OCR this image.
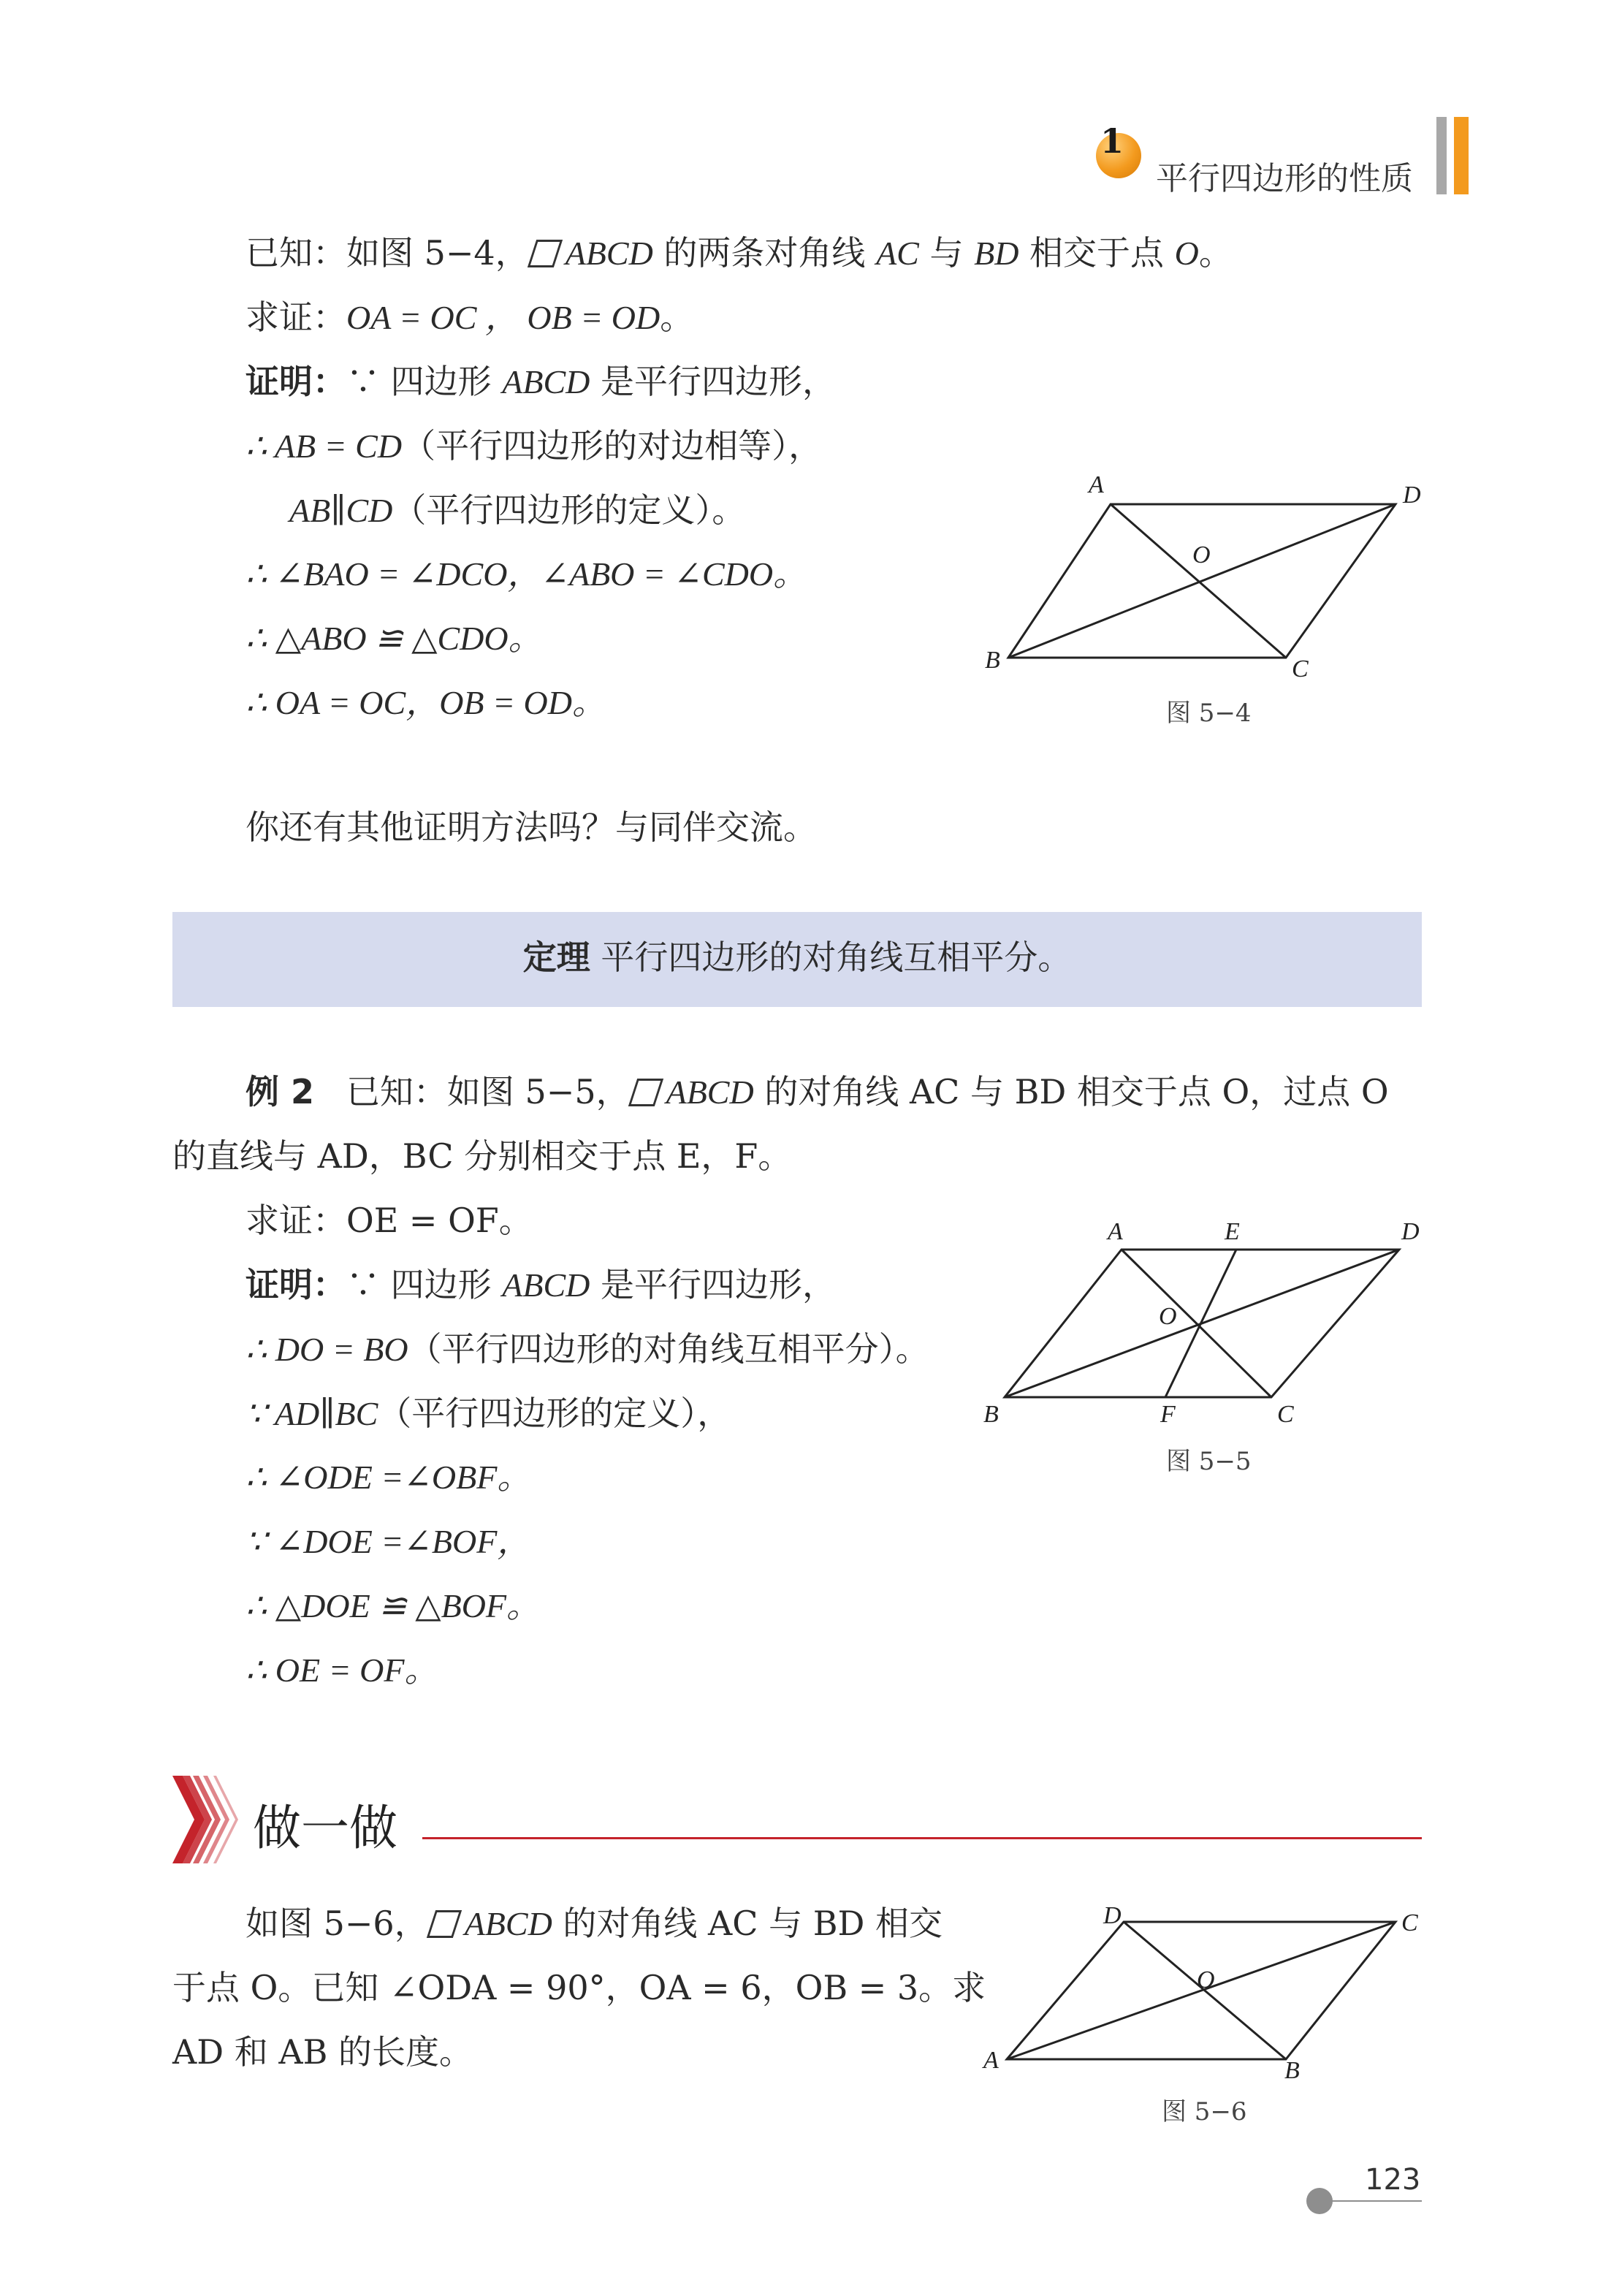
1
平行四边形的性质
已知：如图 5−4， ABCD 的两条对角线 AC 与 BD 相交于点 O。
求证：OA = OC ， OB = OD。
证明：∵ 四边形 ABCD 是平行四边形，
∴ AB = CD（平行四边形的对边相等），
AB∥CD（平行四边形的定义）。
∴ ∠BAO = ∠DCO，∠ABO = ∠CDO。
∴ △ABO ≌ △CDO。
∴ OA = OC，OB = OD。
A	D
O
B	C
图 5−4
你还有其他证明方法吗？与同伴交流。
定理 平行四边形的对角线互相平分。
例 2 已知：如图 5−5， ABCD 的对角线 AC 与 BD 相交于点 O，过点 O
的直线与 AD，BC 分别相交于点 E，F。
求证：OE = OF。
证明：∵ 四边形 ABCD 是平行四边形，
∴ DO = BO（平行四边形的对角线互相平分）。
∵ AD∥BC（平行四边形的定义），
∴ ∠ODE =∠OBF。
∵ ∠DOE =∠BOF，
∴ △DOE ≌ △BOF。
∴ OE = OF。
A	E	D
O
B	F	C
图 5−5
做一做
如图 5−6， ABCD 的对角线 AC 与 BD 相交
于点 O。已知 ∠ODA = 90°，OA = 6，OB = 3。求
AD 和 AB 的长度。
D	C
O
A	B
图 5−6
123
